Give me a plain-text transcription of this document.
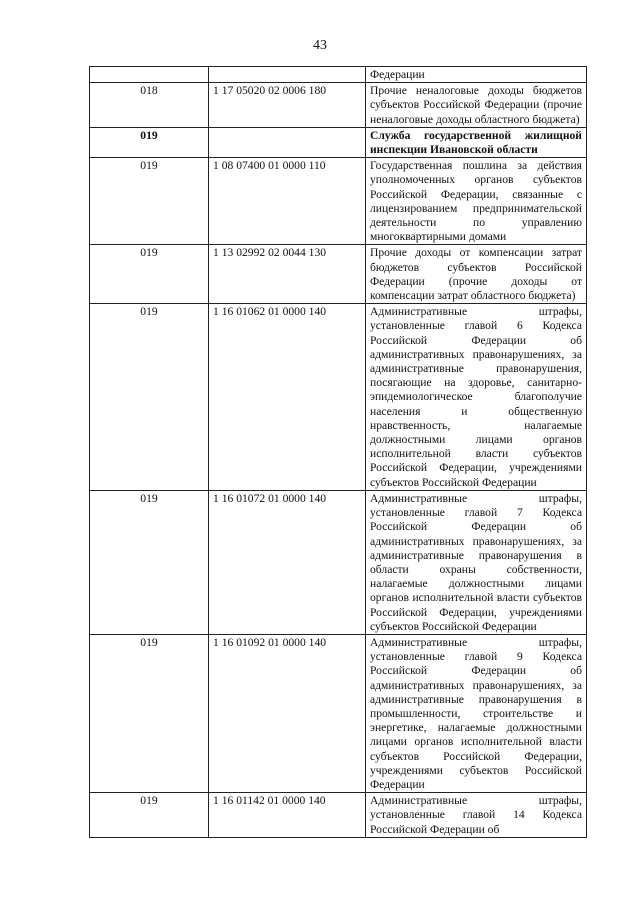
43
		Федерации
018	1 17 05020 02 0006 180	Прочие неналоговые доходы бюджетов субъектов Российской Федерации (прочие неналоговые доходы областного бюджета)
019		Служба государственной жилищной инспекции Ивановской области
019	1 08 07400 01 0000 110	Государственная пошлина за действия уполномоченных органов субъектов Российской Федерации, связанные с лицензированием предпринимательской деятельности по управлению многоквартирными домами
019	1 13 02992 02 0044 130	Прочие доходы от компенсации затрат бюджетов субъектов Российской Федерации (прочие доходы от компенсации затрат областного бюджета)
019	1 16 01062 01 0000 140	Административные штрафы, установленные главой 6 Кодекса Российской Федерации об административных правонарушениях, за административные правонарушения, посягающие на здоровье, санитарно-эпидемиологическое благополучие населения и общественную нравственность, налагаемые должностными лицами органов исполнительной власти субъектов Российской Федерации, учреждениями субъектов Российской Федерации
019	1 16 01072 01 0000 140	Административные штрафы, установленные главой 7 Кодекса Российской Федерации об административных правонарушениях, за административные правонарушения в области охраны собственности, налагаемые должностными лицами органов исполнительной власти субъектов Российской Федерации, учреждениями субъектов Российской Федерации
019	1 16 01092 01 0000 140	Административные штрафы, установленные главой 9 Кодекса Российской Федерации об административных правонарушениях, за административные правонарушения в промышленности, строительстве и энергетике, налагаемые должностными лицами органов исполнительной власти субъектов Российской Федерации, учреждениями субъектов Российской Федерации
019	1 16 01142 01 0000 140	Административные штрафы, установленные главой 14 Кодекса Российской Федерации об
